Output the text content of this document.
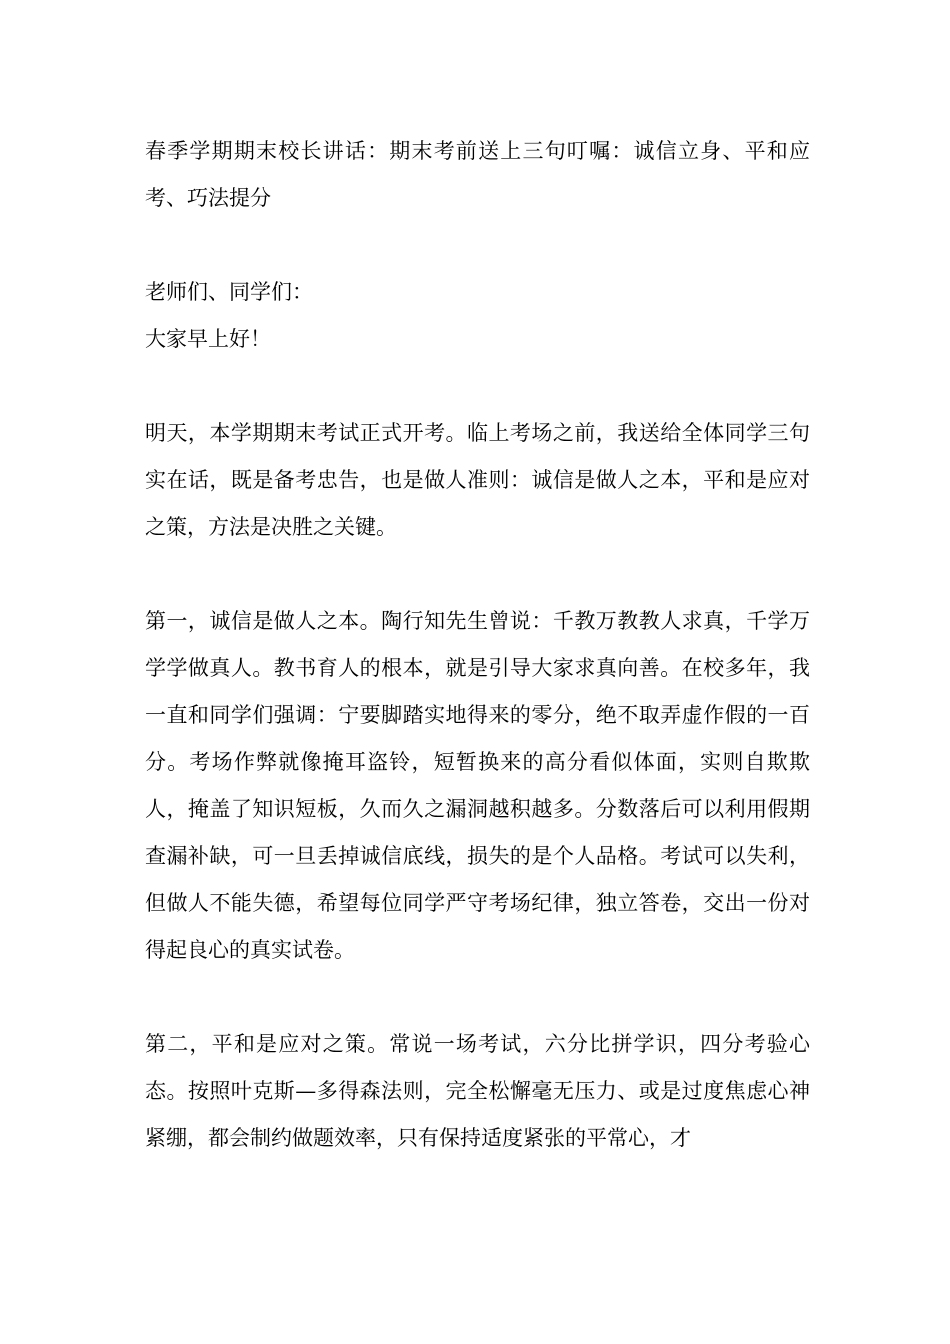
春季学期期末校长讲话：期末考前送上三句叮嘱：诚信立身、平和应考、巧法提分

老师们、同学们：

大家早上好！

明天，本学期期末考试正式开考。临上考场之前，我送给全体同学三句实在话，既是备考忠告，也是做人准则：诚信是做人之本，平和是应对之策，方法是决胜之关键。

第一，诚信是做人之本。陶行知先生曾说：千教万教教人求真，千学万学学做真人。教书育人的根本，就是引导大家求真向善。在校多年，我一直和同学们强调：宁要脚踏实地得来的零分，绝不取弄虚作假的一百分。考场作弊就像掩耳盗铃，短暂换来的高分看似体面，实则自欺欺人，掩盖了知识短板，久而久之漏洞越积越多。分数落后可以利用假期查漏补缺，可一旦丢掉诚信底线，损失的是个人品格。考试可以失利，但做人不能失德，希望每位同学严守考场纪律，独立答卷，交出一份对得起良心的真实试卷。

第二，平和是应对之策。常说一场考试，六分比拼学识，四分考验心态。按照叶克斯—多得森法则，完全松懈毫无压力、或是过度焦虑心神紧绷，都会制约做题效率，只有保持适度紧张的平常心，才
